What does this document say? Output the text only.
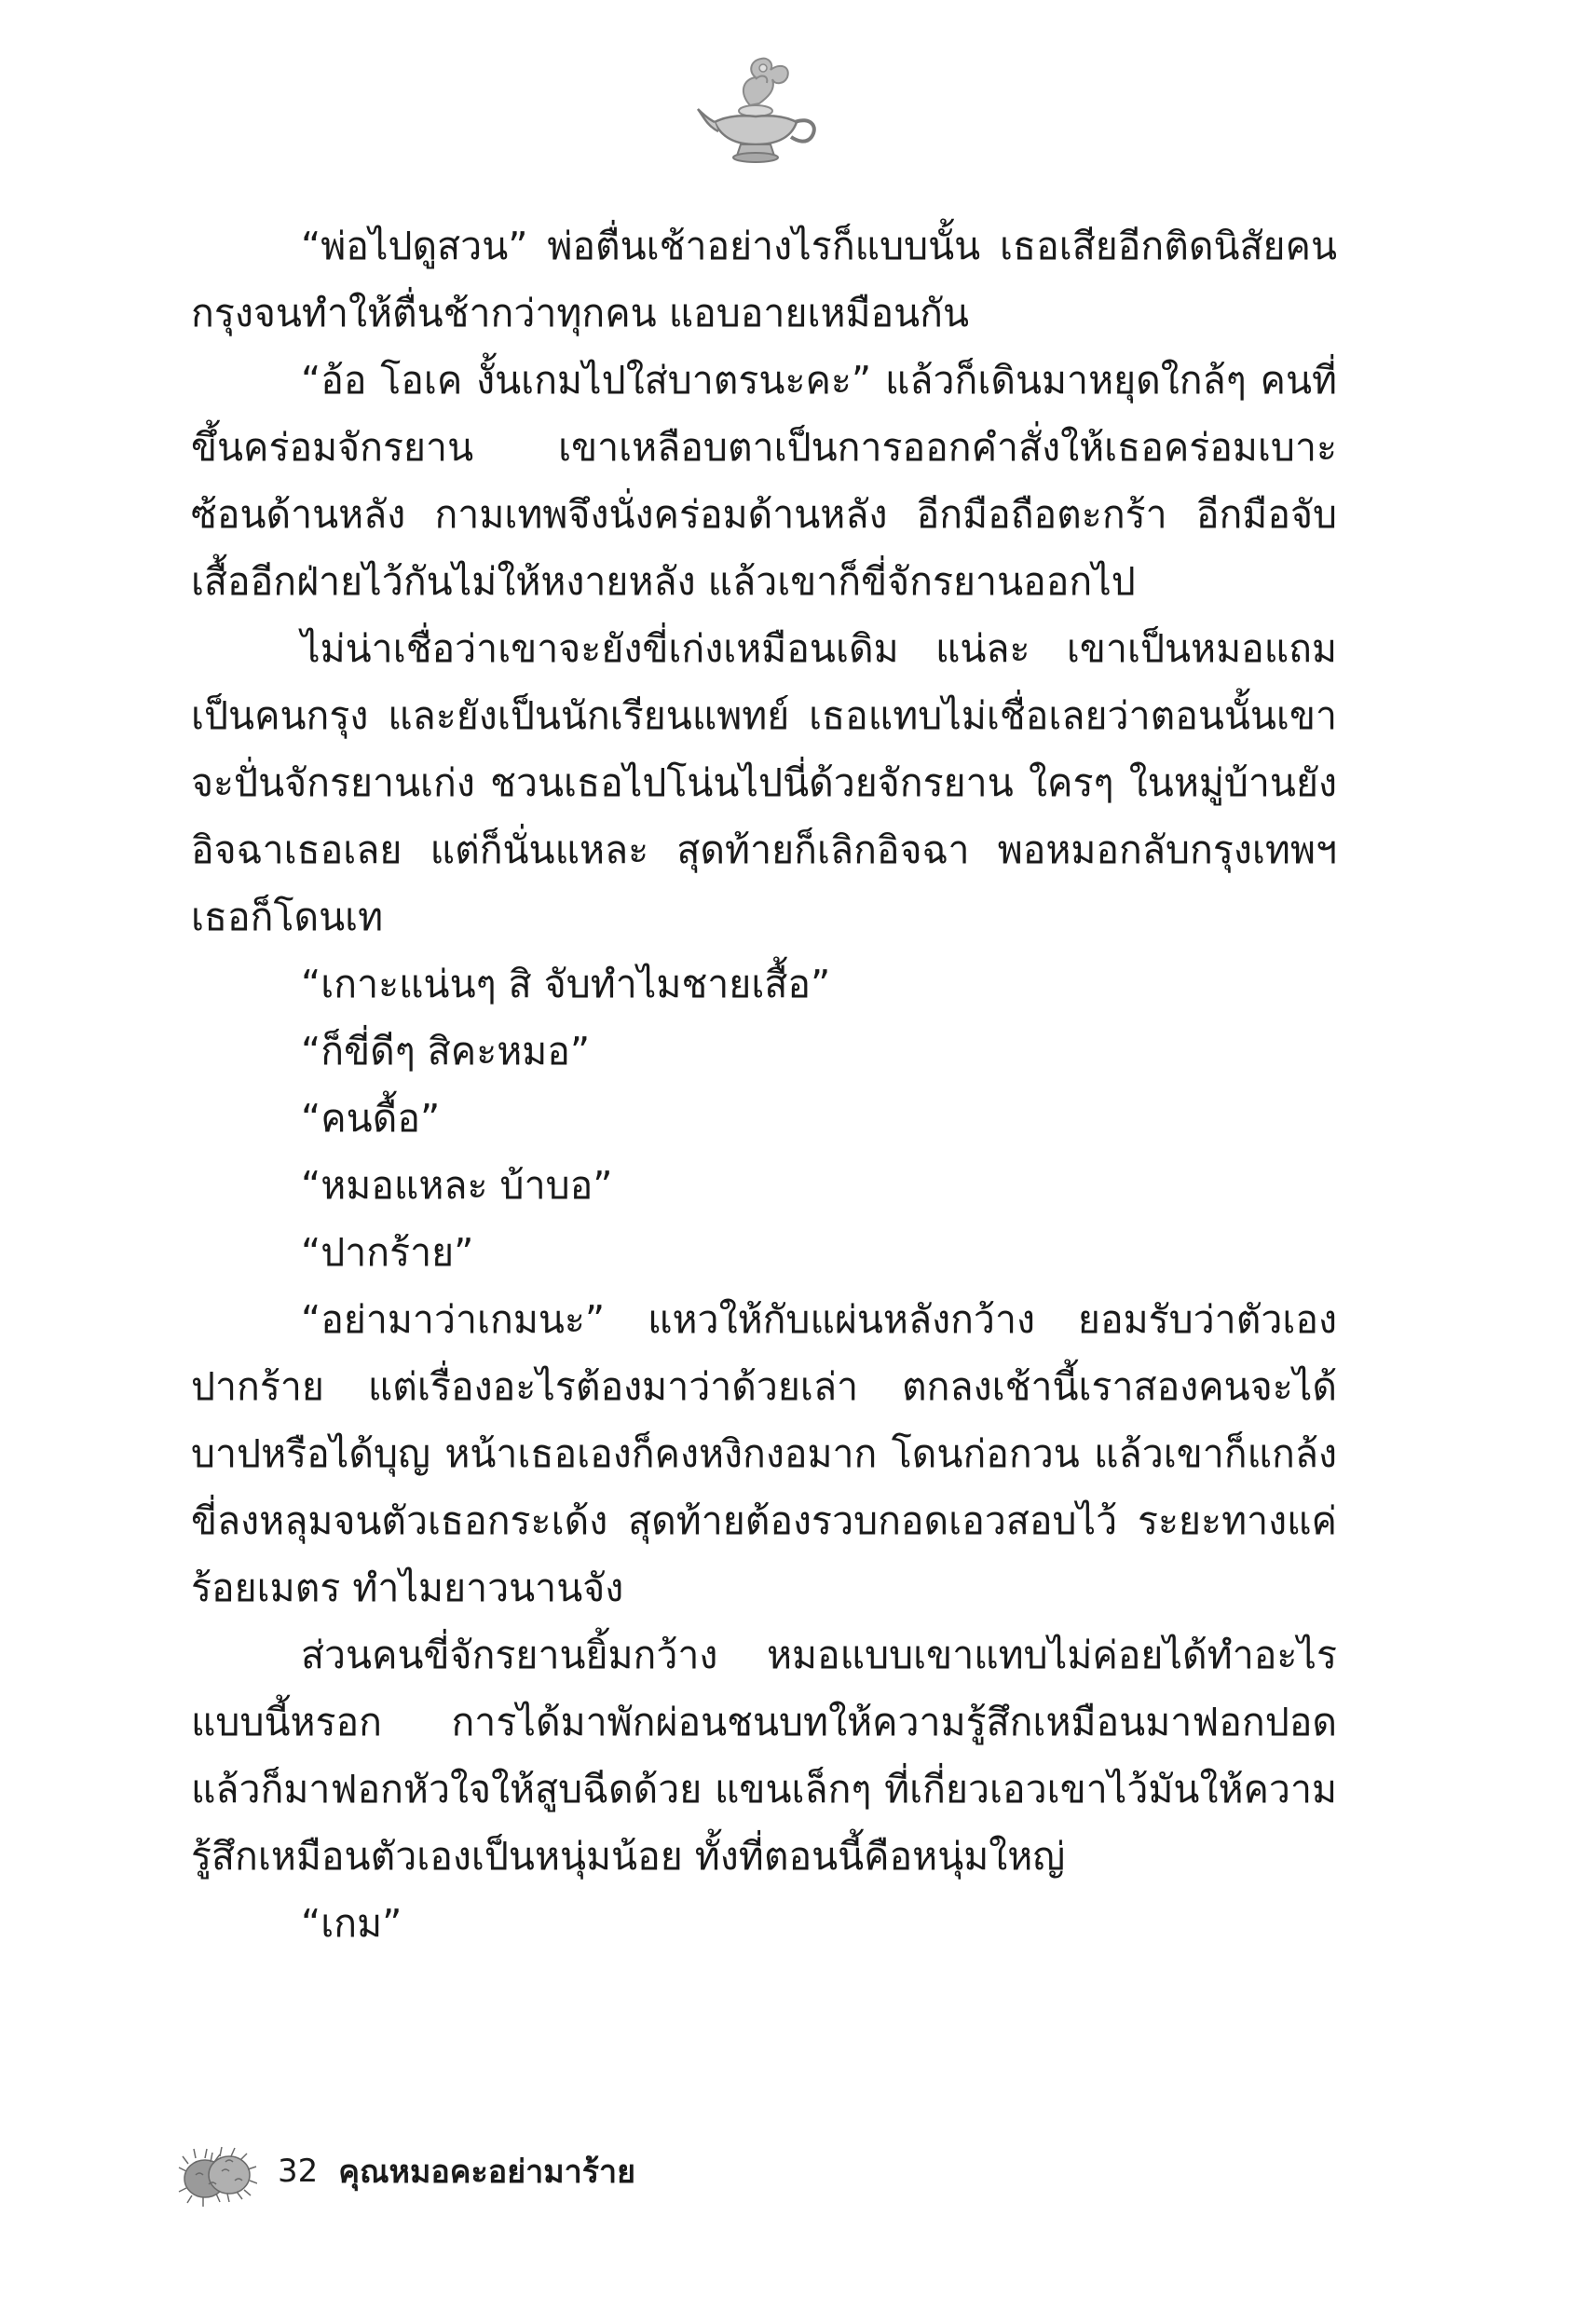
“พ่อไปดูสวน” พ่อตื่นเช้าอย่างไรก็แบบนั้น เธอเสียอีกติดนิสัยคนกรุงจนทำให้ตื่นช้ากว่าทุกคน แอบอายเหมือนกัน

“อ้อ โอเค งั้นเกมไปใส่บาตรนะคะ” แล้วก็เดินมาหยุดใกล้ๆ คนที่ขึ้นคร่อมจักรยาน เขาเหลือบตาเป็นการออกคำสั่งให้เธอคร่อมเบาะซ้อนด้านหลัง กามเทพจึงนั่งคร่อมด้านหลัง อีกมือถือตะกร้า อีกมือจับเสื้ออีกฝ่ายไว้กันไม่ให้หงายหลัง แล้วเขาก็ขี่จักรยานออกไป

ไม่น่าเชื่อว่าเขาจะยังขี่เก่งเหมือนเดิม แน่ละ เขาเป็นหมอแถมเป็นคนกรุง และยังเป็นนักเรียนแพทย์ เธอแทบไม่เชื่อเลยว่าตอนนั้นเขาจะปั่นจักรยานเก่ง ชวนเธอไปโน่นไปนี่ด้วยจักรยาน ใครๆ ในหมู่บ้านยังอิจฉาเธอเลย แต่ก็นั่นแหละ สุดท้ายก็เลิกอิจฉา พอหมอกลับกรุงเทพฯ เธอก็โดนเท

“เกาะแน่นๆ สิ จับทำไมชายเสื้อ”

“ก็ขี่ดีๆ สิคะหมอ”

“คนดื้อ”

“หมอแหละ บ้าบอ”

“ปากร้าย”

“อย่ามาว่าเกมนะ” แหวให้กับแผ่นหลังกว้าง ยอมรับว่าตัวเองปากร้าย แต่เรื่องอะไรต้องมาว่าด้วยเล่า ตกลงเช้านี้เราสองคนจะได้บาปหรือได้บุญ หน้าเธอเองก็คงหงิกงอมาก โดนก่อกวน แล้วเขาก็แกล้งขี่ลงหลุมจนตัวเธอกระเด้ง สุดท้ายต้องรวบกอดเอวสอบไว้ ระยะทางแค่ร้อยเมตร ทำไมยาวนานจัง

ส่วนคนขี่จักรยานยิ้มกว้าง หมอแบบเขาแทบไม่ค่อยได้ทำอะไรแบบนี้หรอก การได้มาพักผ่อนชนบทให้ความรู้สึกเหมือนมาฟอกปอดแล้วก็มาฟอกหัวใจให้สูบฉีดด้วย แขนเล็กๆ ที่เกี่ยวเอวเขาไว้มันให้ความรู้สึกเหมือนตัวเองเป็นหนุ่มน้อย ทั้งที่ตอนนี้คือหนุ่มใหญ่

“เกม”

32 คุณหมอคะอย่ามาร้าย
